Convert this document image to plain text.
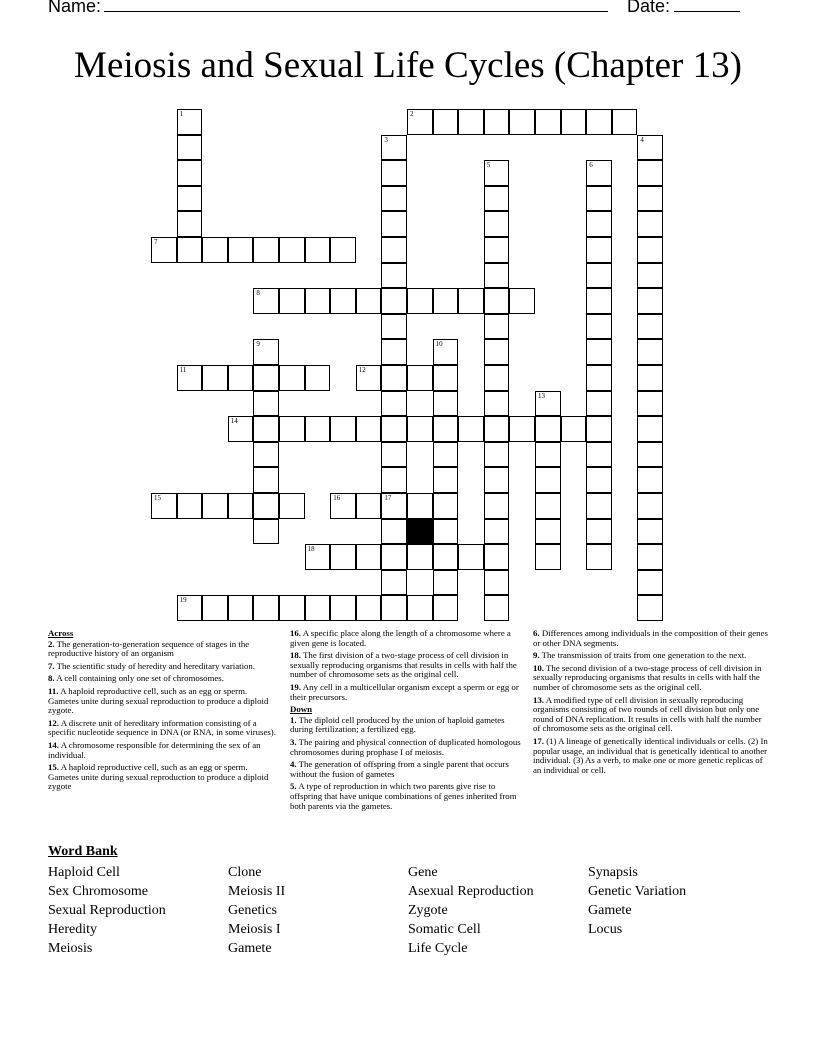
Name:	Date:
Meiosis and Sexual Life Cycles (Chapter 13)
2
7
8
11	12
14
15	16	17
18
19
1
3	4
5	6
9	10
13
Across
2. The generation-to-generation sequence of stages in the reproductive history of an organism
7. The scientific study of heredity and hereditary variation.
8. A cell containing only one set of chromosomes.
11. A haploid reproductive cell, such as an egg or sperm. Gametes unite during sexual reproduction to produce a diploid zygote.
12. A discrete unit of hereditary information consisting of a specific nucleotide sequence in DNA (or RNA, in some viruses).
14. A chromosome responsible for determining the sex of an individual.
15. A haploid reproductive cell, such as an egg or sperm. Gametes unite during sexual reproduction to produce a diploid zygote
16. A specific place along the length of a chromosome where a given gene is located.
18. The first division of a two-stage process of cell division in sexually reproducing organisms that results in cells with half the number of chromosome sets as the original cell.
19. Any cell in a multicellular organism except a sperm or egg or their precursors.
Down
1. The diploid cell produced by the union of haploid gametes during fertilization; a fertilized egg.
3. The pairing and physical connection of duplicated homologous chromosomes during prophase I of meiosis.
4. The generation of offspring from a single parent that occurs without the fusion of gametes
5. A type of reproduction in which two parents give rise to offspring that have unique combinations of genes inherited from both parents via the gametes.
6. Differences among individuals in the composition of their genes or other DNA segments.
9. The transmission of traits from one generation to the next.
10. The second division of a two-stage process of cell division in sexually reproducing organisms that results in cells with half the number of chromosome sets as the original cell.
13. A modified type of cell division in sexually reproducing organisms consisting of two rounds of cell division but only one round of DNA replication. It results in cells with half the number of chromosome sets as the original cell.
17. (1) A lineage of genetically identical individuals or cells. (2) In popular usage, an individual that is genetically identical to another individual. (3) As a verb, to make one or more genetic replicas of an individual or cell.
Word Bank
Haploid Cell
Sex Chromosome
Sexual Reproduction
Heredity
Meiosis
Clone
Meiosis II
Genetics
Meiosis I
Gamete
Gene
Asexual Reproduction
Zygote
Somatic Cell
Life Cycle
Synapsis
Genetic Variation
Gamete
Locus
